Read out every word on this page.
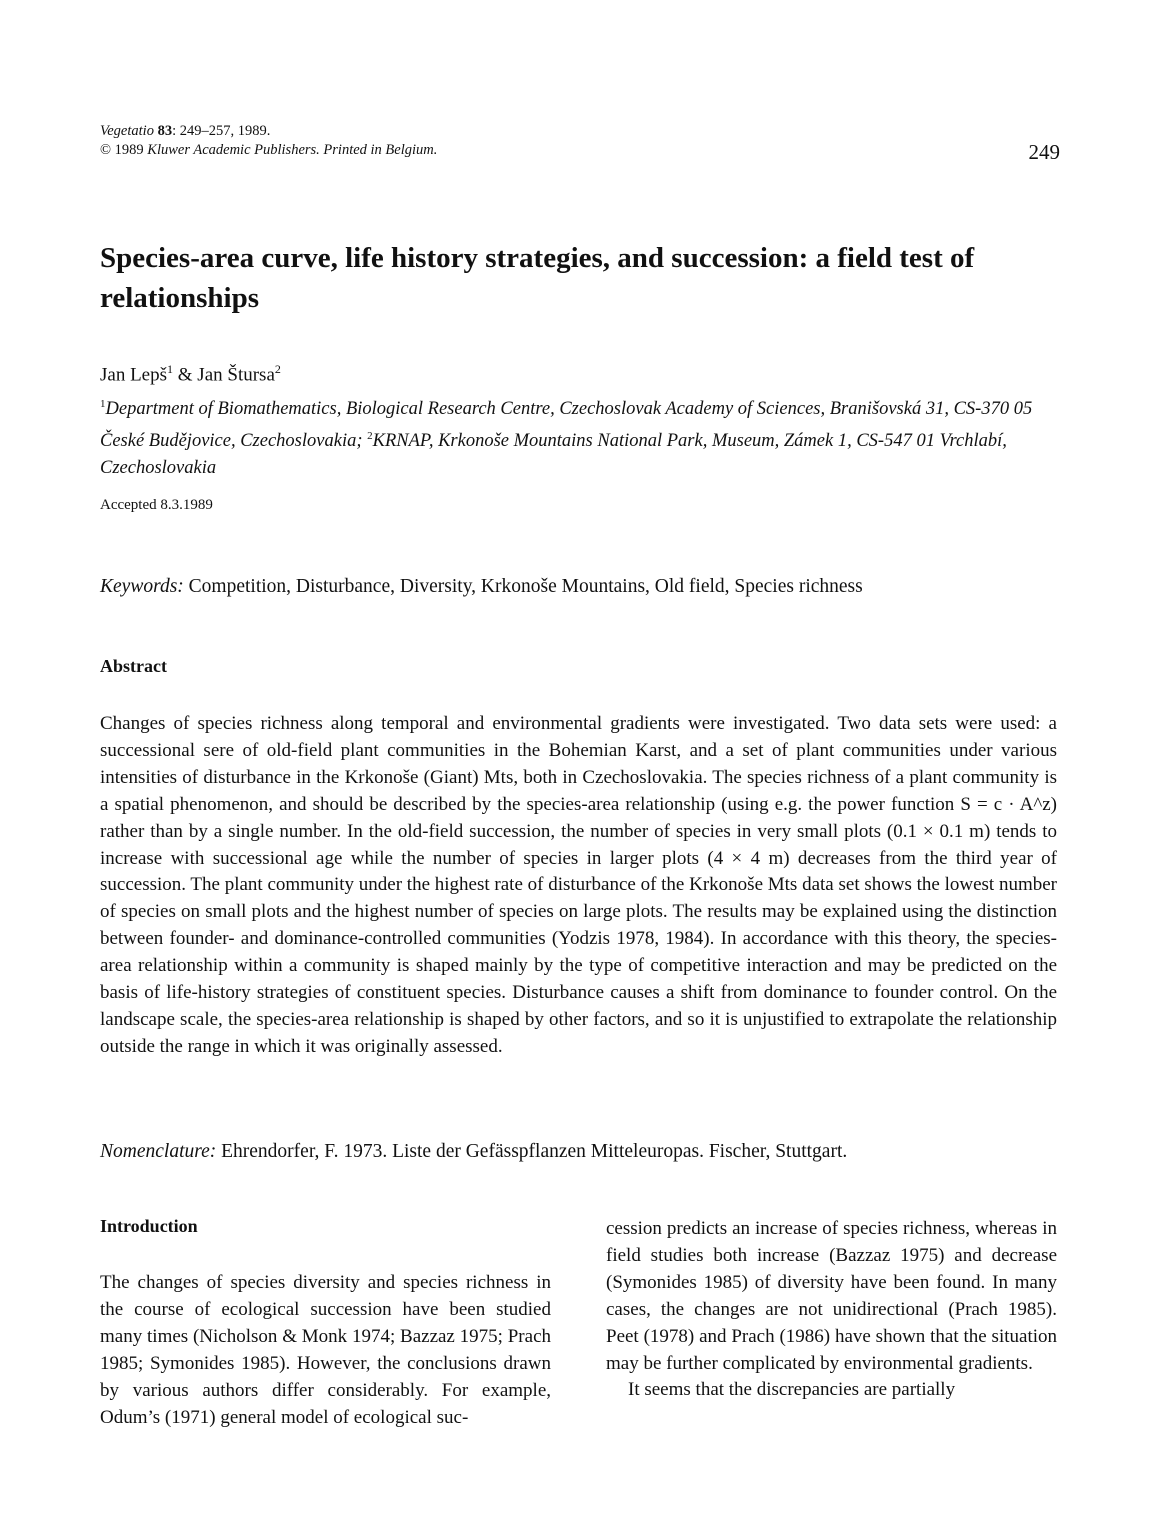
Vegetatio 83: 249–257, 1989.
© 1989 Kluwer Academic Publishers. Printed in Belgium.	249
Species-area curve, life history strategies, and succession: a field test of relationships
Jan Lepš$^1$ & Jan Štursa$^2$
$^1$Department of Biomathematics, Biological Research Centre, Czechoslovak Academy of Sciences, Branišovská 31, CS-370 05 České Budějovice, Czechoslovakia; $^2$KRNAP, Krkonoše Mountains National Park, Museum, Zámek 1, CS-547 01 Vrchlabí, Czechoslovakia
Accepted 8.3.1989
Keywords: Competition, Disturbance, Diversity, Krkonoše Mountains, Old field, Species richness
Abstract
Changes of species richness along temporal and environmental gradients were investigated. Two data sets were used: a successional sere of old-field plant communities in the Bohemian Karst, and a set of plant communities under various intensities of disturbance in the Krkonoše (Giant) Mts, both in Czechoslovakia. The species richness of a plant community is a spatial phenomenon, and should be described by the species-area relationship (using e.g. the power function S = c · A^z) rather than by a single number. In the old-field succession, the number of species in very small plots (0.1 × 0.1 m) tends to increase with successional age while the number of species in larger plots (4 × 4 m) decreases from the third year of succession. The plant community under the highest rate of disturbance of the Krkonoše Mts data set shows the lowest number of species on small plots and the highest number of species on large plots. The results may be explained using the distinction between founder- and dominance-controlled communities (Yodzis 1978, 1984). In accordance with this theory, the species-area relationship within a community is shaped mainly by the type of competitive interaction and may be predicted on the basis of life-history strategies of constituent species. Disturbance causes a shift from dominance to founder control. On the landscape scale, the species-area relationship is shaped by other factors, and so it is unjustified to extrapolate the relationship outside the range in which it was originally assessed.
Nomenclature: Ehrendorfer, F. 1973. Liste der Gefässpflanzen Mitteleuropas. Fischer, Stuttgart.
Introduction
The changes of species diversity and species richness in the course of ecological succession have been studied many times (Nicholson & Monk 1974; Bazzaz 1975; Prach 1985; Symonides 1985). However, the conclusions drawn by various authors differ considerably. For example, Odum’s (1971) general model of ecological suc-

cession predicts an increase of species richness, whereas in field studies both increase (Bazzaz 1975) and decrease (Symonides 1985) of diversity have been found. In many cases, the changes are not unidirectional (Prach 1985). Peet (1978) and Prach (1986) have shown that the situation may be further complicated by environmental gradients.

It seems that the discrepancies are partially
